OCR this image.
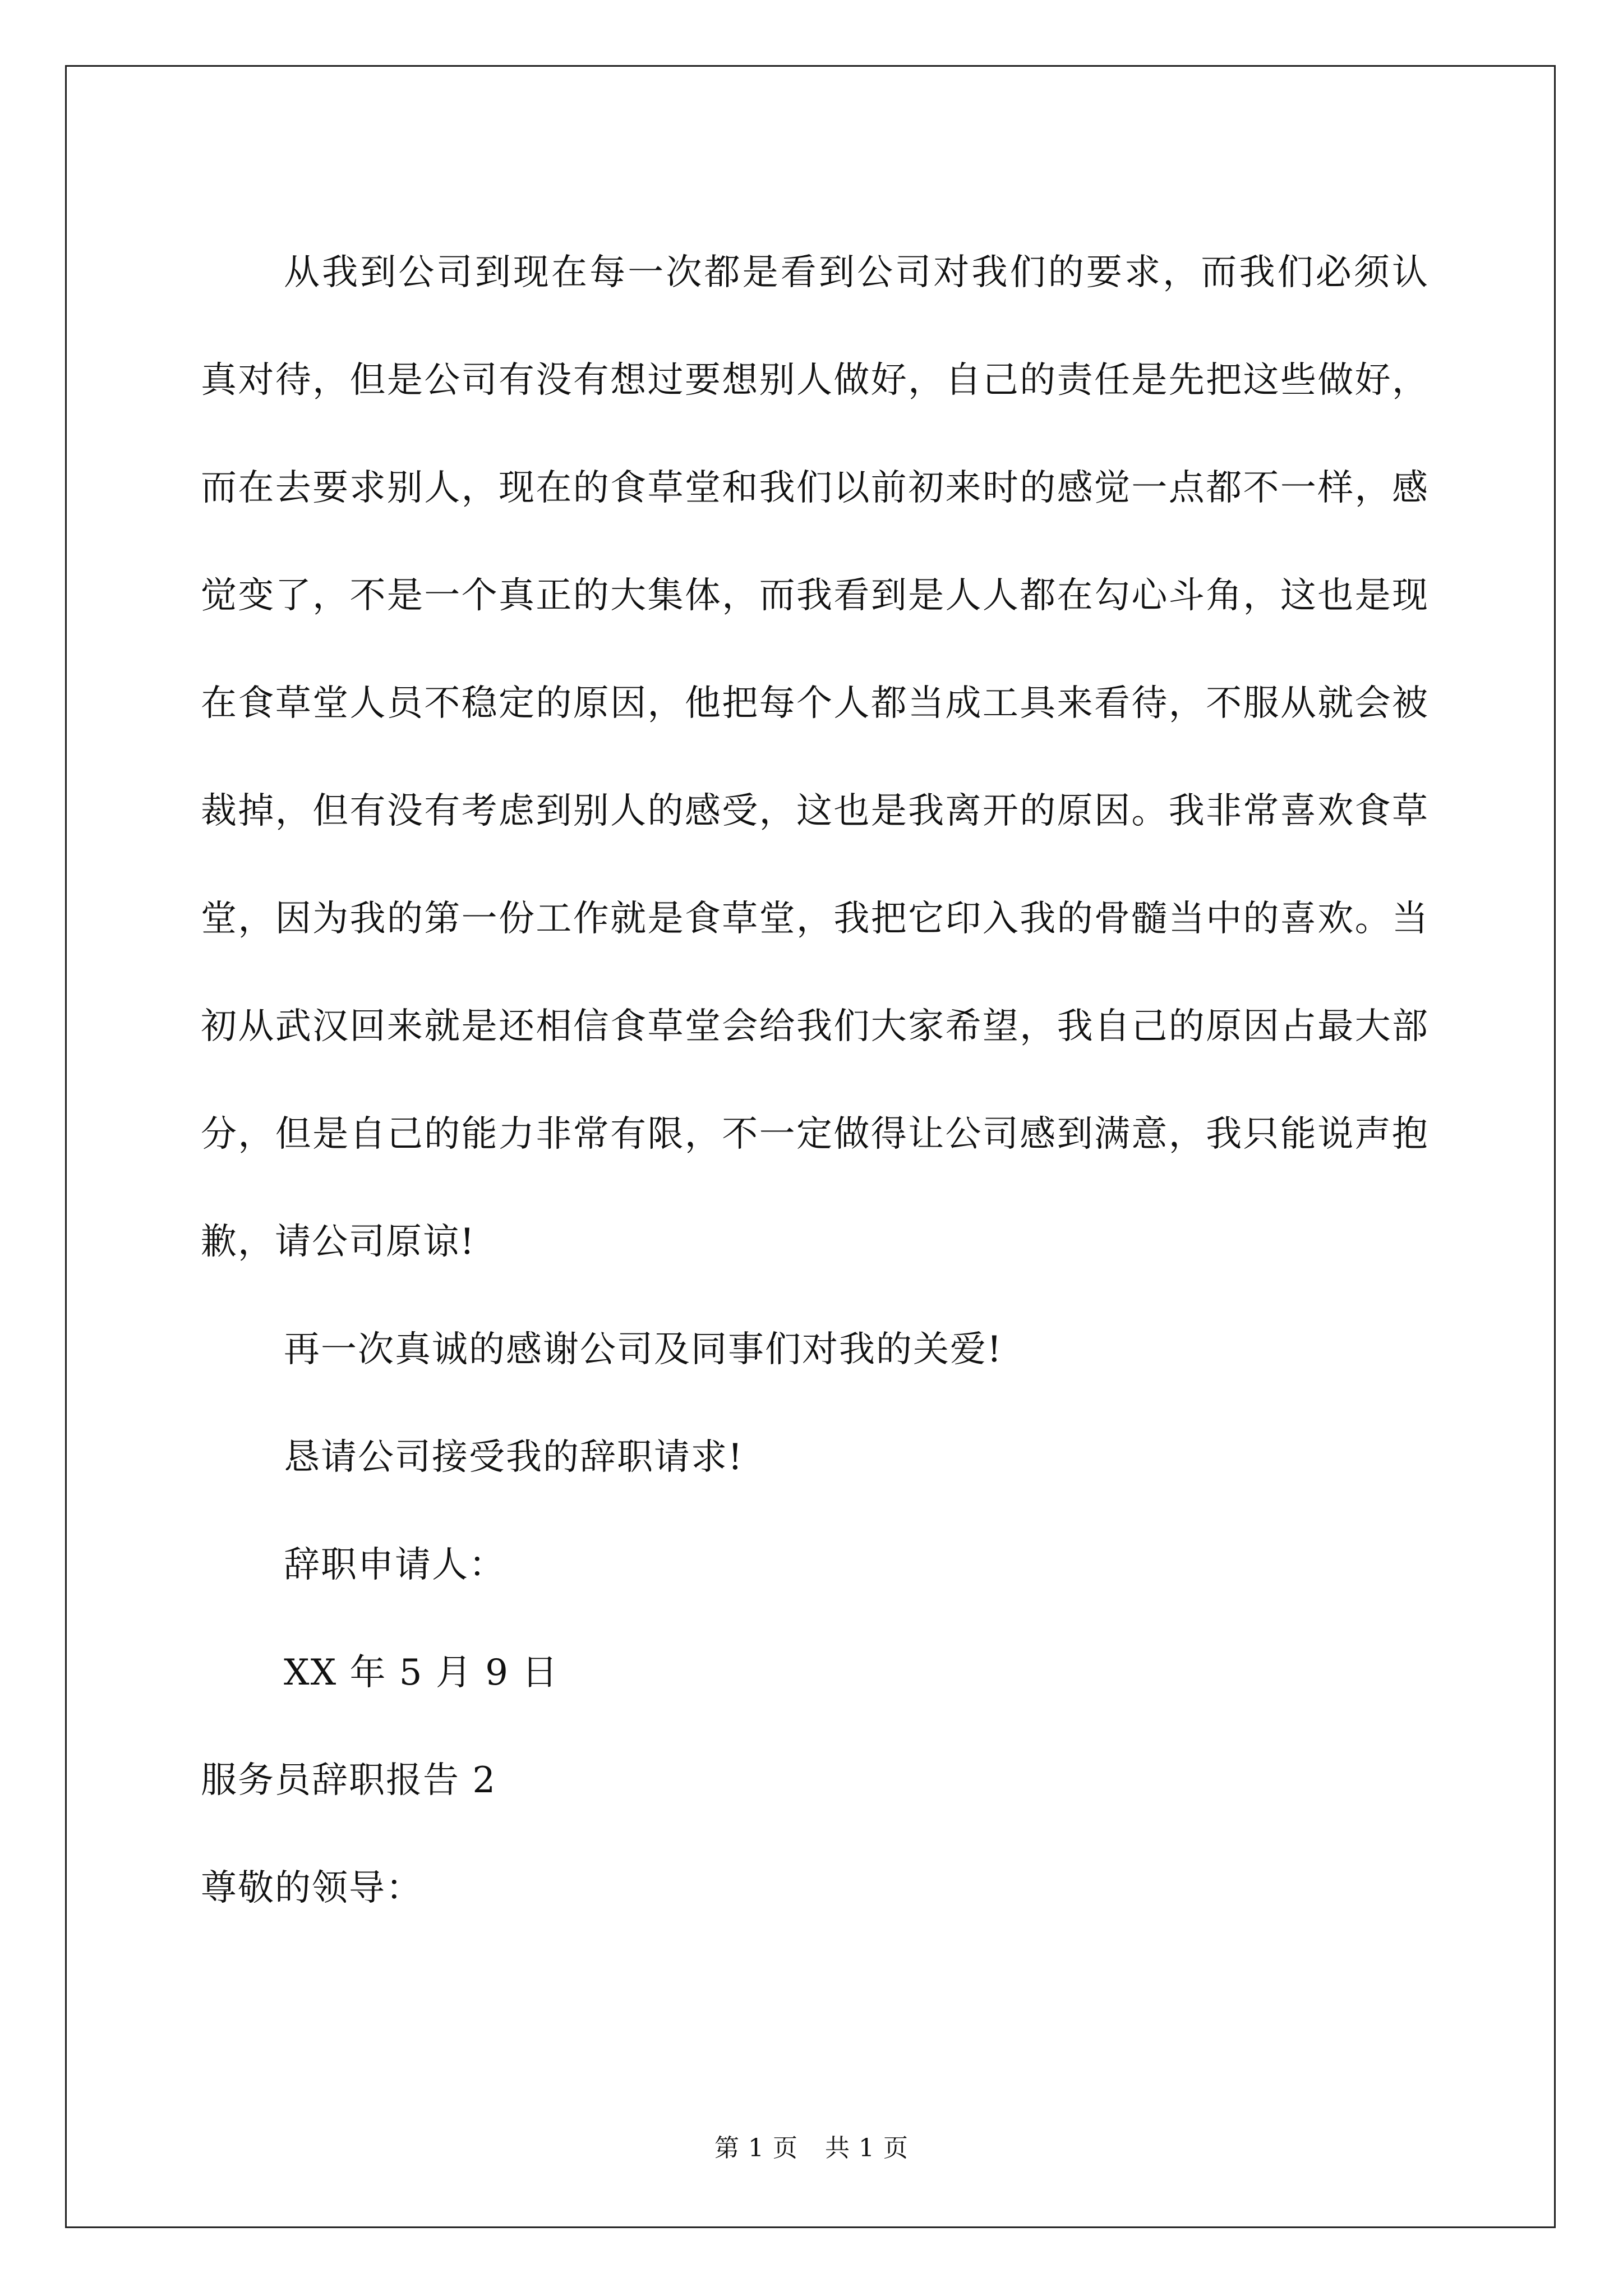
从我到公司到现在每一次都是看到公司对我们的要求，而我们必须认真对待，但是公司有没有想过要想别人做好，自己的责任是先把这些做好，而在去要求别人，现在的食草堂和我们以前初来时的感觉一点都不一样，感觉变了，不是一个真正的大集体，而我看到是人人都在勾心斗角，这也是现在食草堂人员不稳定的原因，他把每个人都当成工具来看待，不服从就会被裁掉，但有没有考虑到别人的感受，这也是我离开的原因。我非常喜欢食草堂，因为我的第一份工作就是食草堂，我把它印入我的骨髓当中的喜欢。当初从武汉回来就是还相信食草堂会给我们大家希望，我自己的原因占最大部分，但是自己的能力非常有限，不一定做得让公司感到满意，我只能说声抱歉，请公司原谅!

再一次真诚的感谢公司及同事们对我的关爱!

恳请公司接受我的辞职请求!

辞职申请人：

XX 年 5 月 9 日

服务员辞职报告 2

尊敬的领导：

第 1 页 共 1 页
